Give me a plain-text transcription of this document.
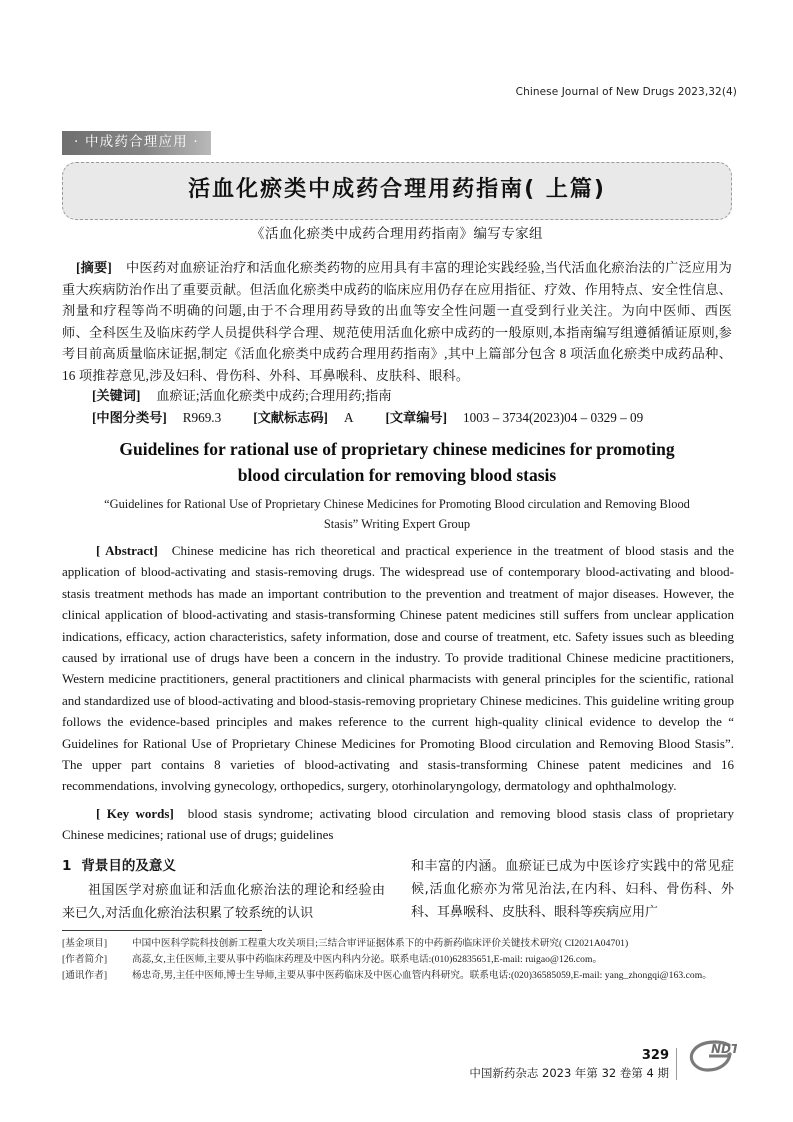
Chinese Journal of New Drugs 2023,32(4)
· 中成药合理应用 ·
活血化瘀类中成药合理用药指南( 上篇)
《活血化瘀类中成药合理用药指南》编写专家组

[摘要] 中医药对血瘀证治疗和活血化瘀类药物的应用具有丰富的理论实践经验,当代活血化瘀治法的广泛应用为重大疾病防治作出了重要贡献。但活血化瘀类中成药的临床应用仍存在应用指征、疗效、作用特点、安全性信息、剂量和疗程等尚不明确的问题,由于不合理用药导致的出血等安全性问题一直受到行业关注。为向中医师、西医师、全科医生及临床药学人员提供科学合理、规范使用活血化瘀中成药的一般原则,本指南编写组遵循循证原则,参考目前高质量临床证据,制定《活血化瘀类中成药合理用药指南》,其中上篇部分包含 8 项活血化瘀类中成药品种、16 项推荐意见,涉及妇科、骨伤科、外科、耳鼻喉科、皮肤科、眼科。

[关键词] 血瘀证;活血化瘀类中成药;合理用药;指南
[中图分类号] R969.3 [文献标志码] A [文章编号] 1003 – 3734(2023)04 – 0329 – 09
Guidelines for rational use of proprietary chinese medicines for promoting
blood circulation for removing blood stasis
“Guidelines for Rational Use of Proprietary Chinese Medicines for Promoting Blood circulation and Removing Blood Stasis” Writing Expert Group

[ Abstract] Chinese medicine has rich theoretical and practical experience in the treatment of blood stasis and the application of blood-activating and stasis-removing drugs. The widespread use of contemporary blood-activating and blood-stasis treatment methods has made an important contribution to the prevention and treatment of major diseases. However, the clinical application of blood-activating and stasis-transforming Chinese patent medicines still suffers from unclear application indications, efficacy, action characteristics, safety information, dose and course of treatment, etc. Safety issues such as bleeding caused by irrational use of drugs have been a concern in the industry. To provide traditional Chinese medicine practitioners, Western medicine practitioners, general practitioners and clinical pharmacists with general principles for the scientific, rational and standardized use of blood-activating and blood-stasis-removing proprietary Chinese medicines. This guideline writing group follows the evidence-based principles and makes reference to the current high-quality clinical evidence to develop the “ Guidelines for Rational Use of Proprietary Chinese Medicines for Promoting Blood circulation and Removing Blood Stasis”. The upper part contains 8 varieties of blood-activating and stasis-transforming Chinese patent medicines and 16 recommendations, involving gynecology, orthopedics, surgery, otorhinolaryngology, dermatology and ophthalmology.

[ Key words] blood stasis syndrome; activating blood circulation and removing blood stasis class of proprietary Chinese medicines; rational use of drugs; guidelines

1 背景目的及意义

祖国医学对瘀血证和活血化瘀治法的理论和经验由来已久,对活血化瘀治法积累了较系统的认识

和丰富的内涵。血瘀证已成为中医诊疗实践中的常见症候,活血化瘀亦为常见治法,在内科、妇科、骨伤科、外科、耳鼻喉科、皮肤科、眼科等疾病应用广

[基金项目]	中国中医科学院科技创新工程重大攻关项目;三结合审评证据体系下的中药新药临床评价关键技术研究( CI2021A04701)

[作者简介]	高蕊,女,主任医师,主要从事中药临床药理及中医内科内分泌。联系电话:(010)62835651,E-mail: ruigao@126.com。

[通讯作者]	杨忠奇,男,主任中医师,博士生导师,主要从事中医药临床及中医心血管内科研究。联系电话:(020)36585059,E-mail: yang_zhongqi@163.com。

329
中国新药杂志 2023 年第 32 卷第 4 期
NDT
